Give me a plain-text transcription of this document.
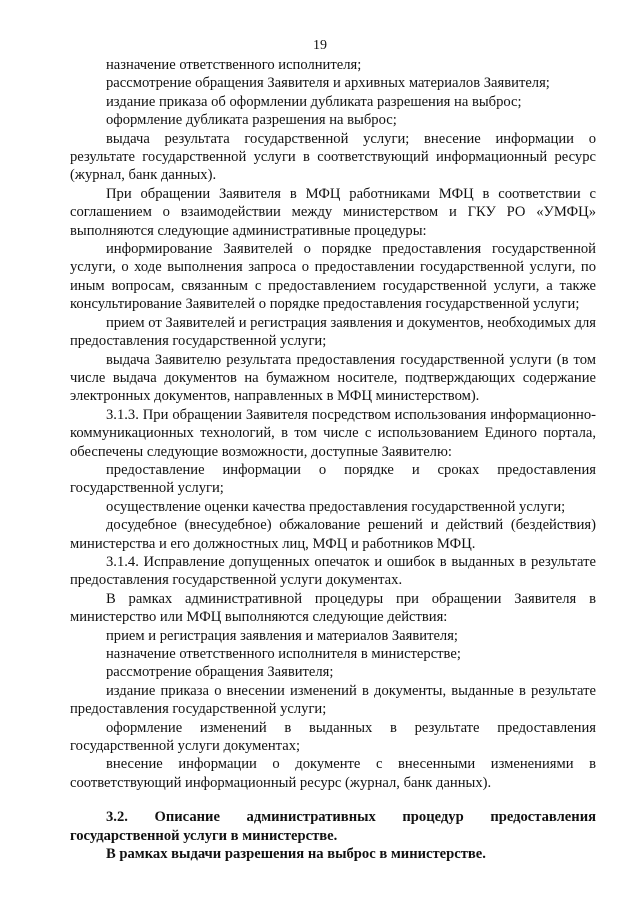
19

назначение ответственного исполнителя;

рассмотрение обращения Заявителя и архивных материалов Заявителя;

издание приказа об оформлении дубликата разрешения на выброс;

оформление дубликата разрешения на выброс;

выдача результата государственной услуги; внесение информации о результате государственной услуги в соответствующий информационный ресурс (журнал, банк данных).

При обращении Заявителя в МФЦ работниками МФЦ в соответствии с соглашением о взаимодействии между министерством и ГКУ РО «УМФЦ» выполняются следующие административные процедуры:

информирование Заявителей о порядке предоставления государственной услуги, о ходе выполнения запроса о предоставлении государственной услуги, по иным вопросам, связанным с предоставлением государственной услуги, а также консультирование Заявителей о порядке предоставления государственной услуги;

прием от Заявителей и регистрация заявления и документов, необходимых для предоставления государственной услуги;

выдача Заявителю результата предоставления государственной услуги (в том числе выдача документов на бумажном носителе, подтверждающих содержание электронных документов, направленных в МФЦ министерством).

3.1.3. При обращении Заявителя посредством использования информационно-коммуникационных технологий, в том числе с использованием Единого портала, обеспечены следующие возможности, доступные Заявителю:

предоставление информации о порядке и сроках предоставления государственной услуги;

осуществление оценки качества предоставления государственной услуги;

досудебное (внесудебное) обжалование решений и действий (бездействия) министерства и его должностных лиц, МФЦ и работников МФЦ.

3.1.4. Исправление допущенных опечаток и ошибок в выданных в результате предоставления государственной услуги документах.

В рамках административной процедуры при обращении Заявителя в министерство или МФЦ выполняются следующие действия:

прием и регистрация заявления и материалов Заявителя;

назначение ответственного исполнителя в министерстве;

рассмотрение обращения Заявителя;

издание приказа о внесении изменений в документы, выданные в результате предоставления государственной услуги;

оформление изменений в выданных в результате предоставления государственной услуги документах;

внесение информации о документе с внесенными изменениями в соответствующий информационный ресурс (журнал, банк данных).

3.2. Описание административных процедур предоставления государственной услуги в министерстве.

В рамках выдачи разрешения на выброс в министерстве.
